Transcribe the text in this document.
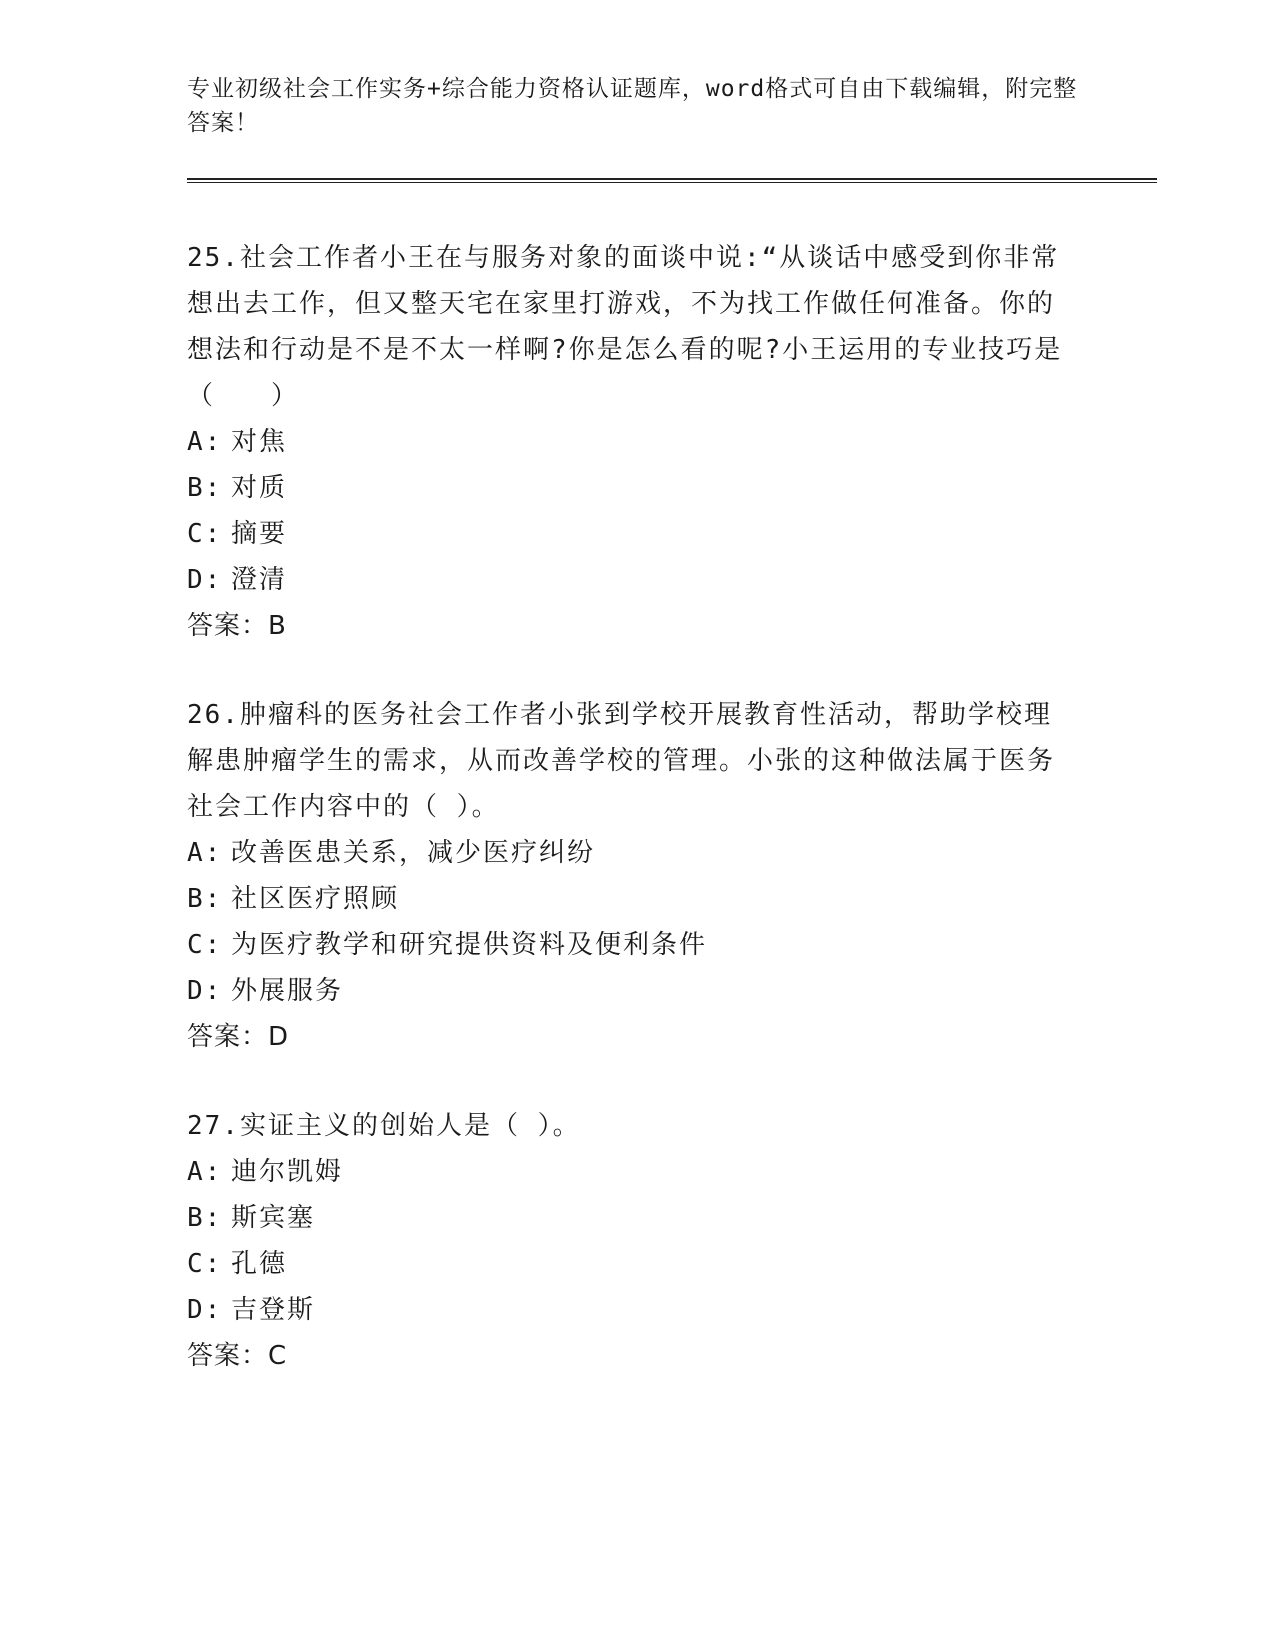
专业初级社会工作实务+综合能力资格认证题库，word格式可自由下载编辑，附完整答案！

25.社会工作者小王在与服务对象的面谈中说:“从谈话中感受到你非常想出去工作，但又整天宅在家里打游戏，不为找工作做任何准备。你的想法和行动是不是不太一样啊?你是怎么看的呢?小王运用的专业技巧是（　　）

A: 对焦
B: 对质
C: 摘要
D: 澄清

答案：B

26.肿瘤科的医务社会工作者小张到学校开展教育性活动，帮助学校理解患肿瘤学生的需求，从而改善学校的管理。小张的这种做法属于医务社会工作内容中的（ ）。

A: 改善医患关系，减少医疗纠纷
B: 社区医疗照顾
C: 为医疗教学和研究提供资料及便利条件
D: 外展服务

答案：D

27.实证主义的创始人是（ ）。

A: 迪尔凯姆
B: 斯宾塞
C: 孔德
D: 吉登斯

答案：C
